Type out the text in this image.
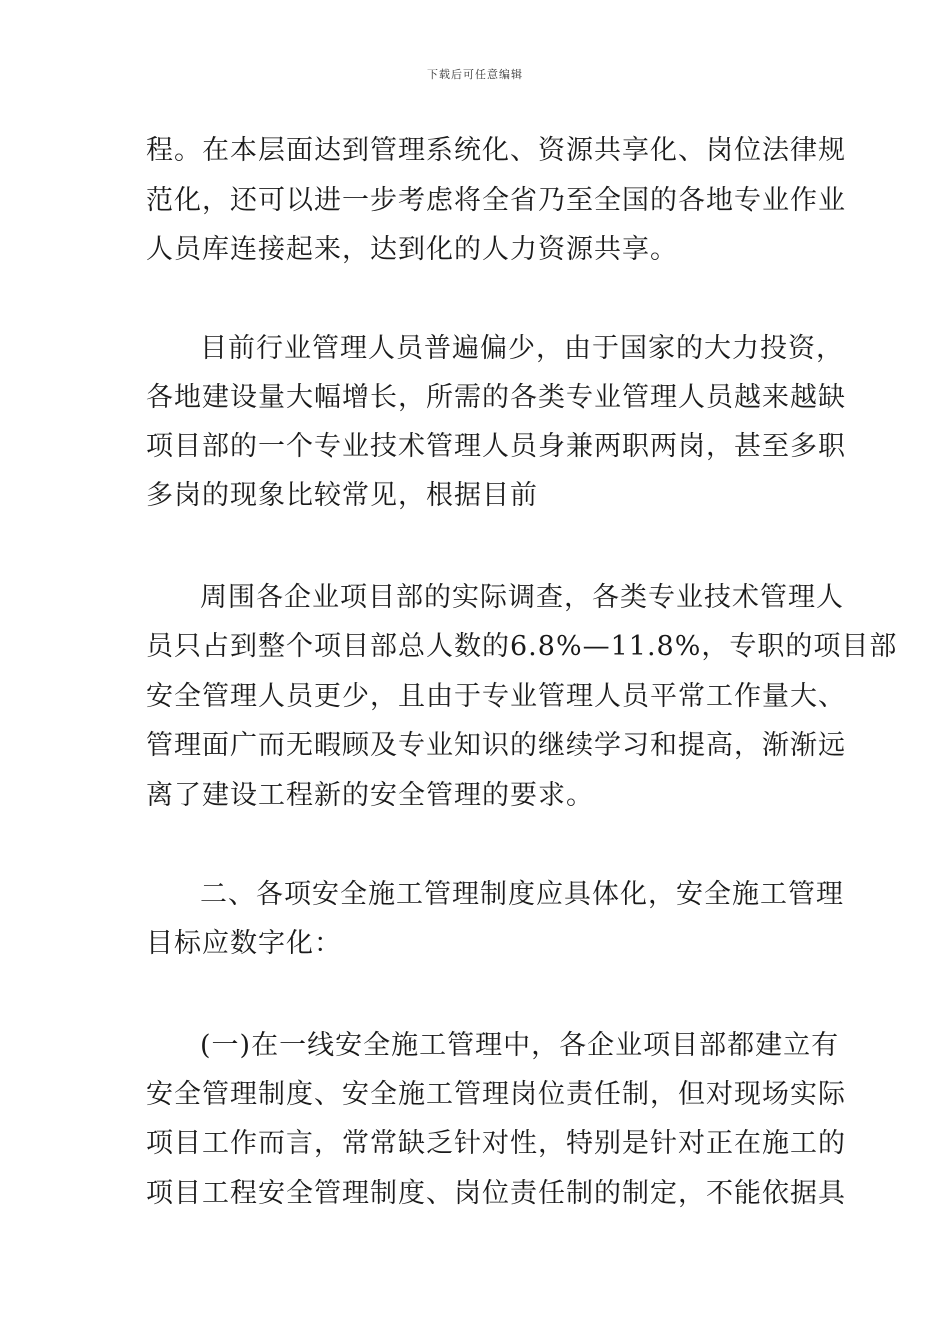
下载后可任意编辑
程。在本层面达到管理系统化、资源共享化、岗位法律规
范化，还可以进一步考虑将全省乃至全国的各地专业作业
人员库连接起来，达到化的人力资源共享。
目前行业管理人员普遍偏少，由于国家的大力投资，
各地建设量大幅增长，所需的各类专业管理人员越来越缺
项目部的一个专业技术管理人员身兼两职两岗，甚至多职
多岗的现象比较常见，根据目前
周围各企业项目部的实际调查，各类专业技术管理人
员只占到整个项目部总人数的6.8%—11.8%，专职的项目部
安全管理人员更少，且由于专业管理人员平常工作量大、
管理面广而无暇顾及专业知识的继续学习和提高，渐渐远
离了建设工程新的安全管理的要求。
二、各项安全施工管理制度应具体化，安全施工管理
目标应数字化：
(一)在一线安全施工管理中，各企业项目部都建立有
安全管理制度、安全施工管理岗位责任制，但对现场实际
项目工作而言，常常缺乏针对性，特别是针对正在施工的
项目工程安全管理制度、岗位责任制的制定，不能依据具
